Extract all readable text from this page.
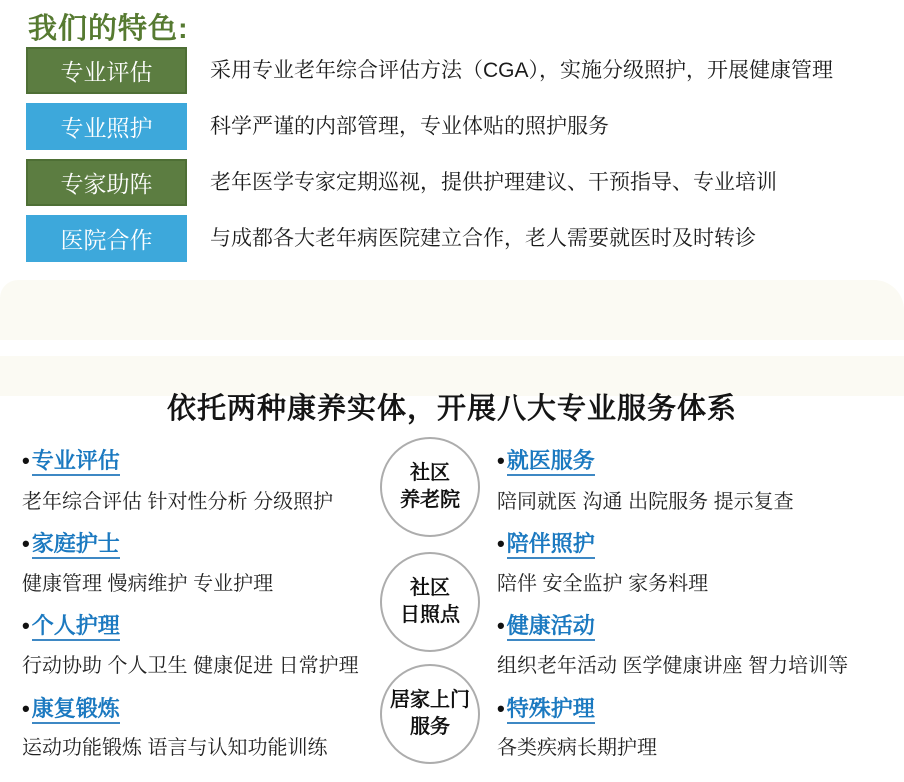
我们的特色:
专业评估	采用专业老年综合评估方法（CGA），实施分级照护，开展健康管理
专业照护	科学严谨的内部管理，专业体贴的照护服务
专家助阵	老年医学专家定期巡视，提供护理建议、干预指导、专业培训
医院合作	与成都各大老年病医院建立合作，老人需要就医时及时转诊
依托两种康养实体，开展八大专业服务体系
•专业评估
老年综合评估 针对性分析 分级照护
•家庭护士
健康管理 慢病维护 专业护理
•个人护理
行动协助 个人卫生 健康促进 日常护理
•康复锻炼
运动功能锻炼 语言与认知功能训练
社区
养老院
社区
日照点
居家上门
服务
•就医服务
陪同就医 沟通 出院服务 提示复查
•陪伴照护
陪伴 安全监护 家务料理
•健康活动
组织老年活动 医学健康讲座 智力培训等
•特殊护理
各类疾病长期护理
